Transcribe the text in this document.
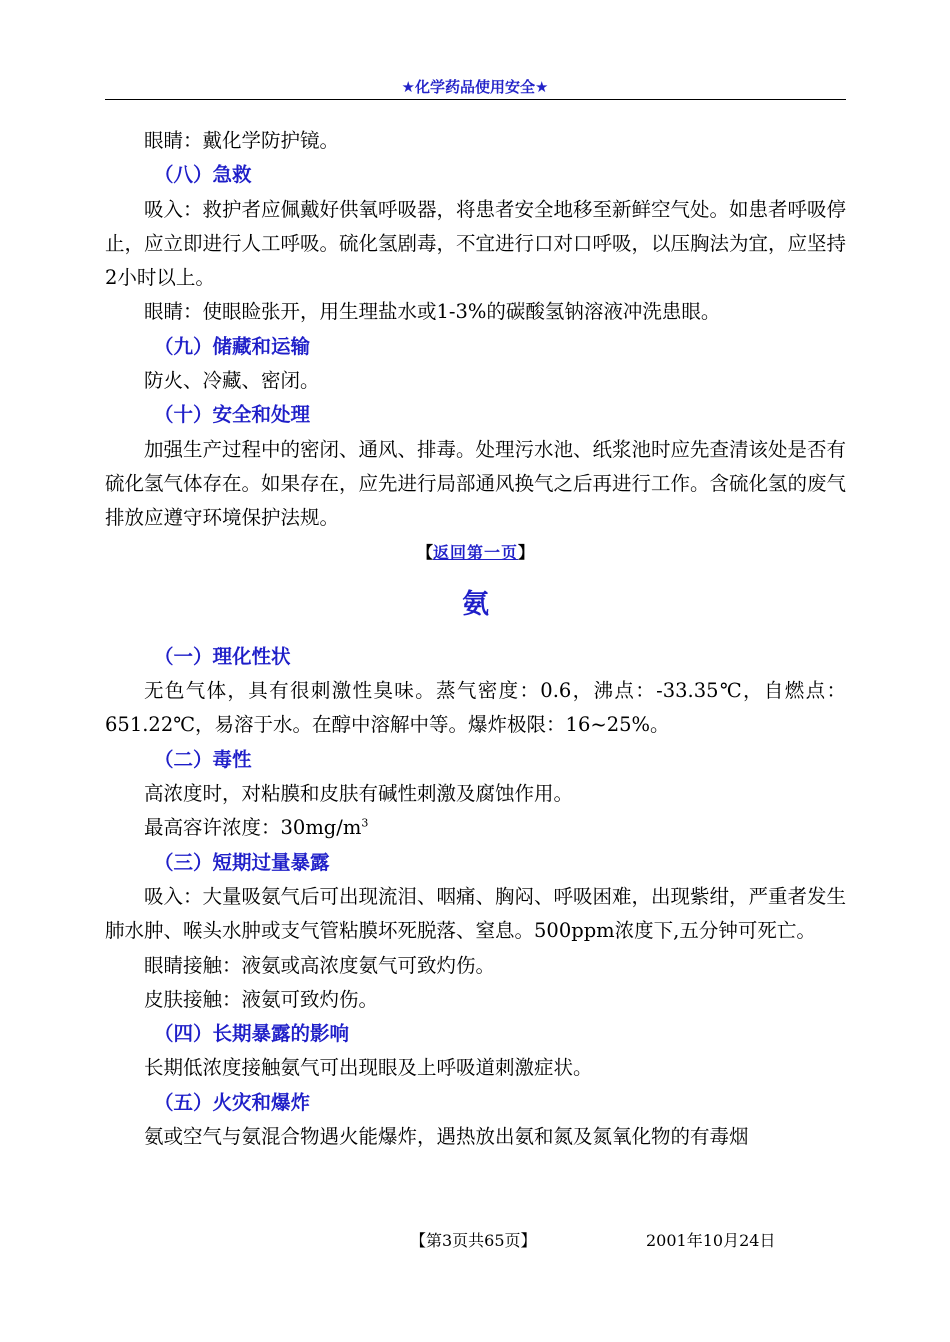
★化学药品使用安全★

眼睛：戴化学防护镜。

（八）急救

吸入：救护者应佩戴好供氧呼吸器，将患者安全地移至新鲜空气处。如患者呼吸停止，应立即进行人工呼吸。硫化氢剧毒，不宜进行口对口呼吸，以压胸法为宜，应坚持2小时以上。

眼睛：使眼睑张开，用生理盐水或1-3%的碳酸氢钠溶液冲洗患眼。

（九）储藏和运输

防火、冷藏、密闭。

（十）安全和处理

加强生产过程中的密闭、通风、排毒。处理污水池、纸浆池时应先查清该处是否有硫化氢气体存在。如果存在，应先进行局部通风换气之后再进行工作。含硫化氢的废气排放应遵守环境保护法规。

【返回第一页】
氨
（一）理化性状

无色气体，具有很刺激性臭味。蒸气密度：0.6，沸点：-33.35℃，自燃点：651.22℃，易溶于水。在醇中溶解中等。爆炸极限：16~25%。

（二）毒性

高浓度时，对粘膜和皮肤有碱性刺激及腐蚀作用。

最高容许浓度：$30mg/m^3$

（三）短期过量暴露

吸入：大量吸氨气后可出现流泪、咽痛、胸闷、呼吸困难，出现紫绀，严重者发生肺水肿、喉头水肿或支气管粘膜坏死脱落、窒息。500ppm浓度下,五分钟可死亡。

眼睛接触：液氨或高浓度氨气可致灼伤。

皮肤接触：液氨可致灼伤。

（四）长期暴露的影响

长期低浓度接触氨气可出现眼及上呼吸道刺激症状。

（五）火灾和爆炸

氨或空气与氨混合物遇火能爆炸，遇热放出氨和氮及氮氧化物的有毒烟

【第3页共65页】	2001年10月24日
